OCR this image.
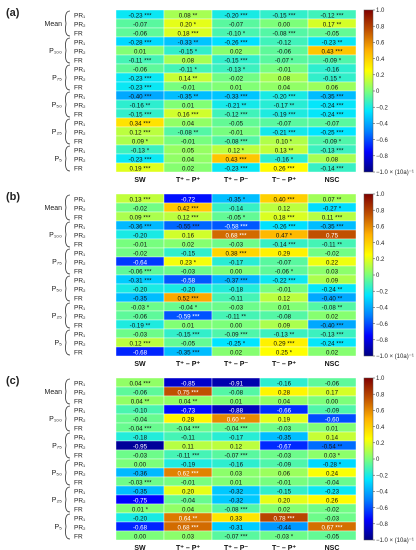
(a)	PR₁	-0.23 ***	0.08 **	-0.20 ***	-0.15 ***	-0.12 ***
PR₂	-0.07	0.20 *	-0.07	0.00	0.17 **
FR	-0.06	0.18 ***	-0.10 *	-0.08 ***	-0.05
Mean
PR₁	-0.28 ***	-0.33 **	-0.26 ***	-0.12	-0.23 **
PR₂	0.01	-0.15 *	0.02	-0.06	0.43 ***
FR	-0.11 ***	0.08	-0.15 ***	-0.07 *	-0.09 *
P₁₀₀
PR₁	-0.06	-0.11 *	-0.13 *	-0.01	-0.16
PR₂	-0.23 ***	0.14 **	-0.02	0.08	-0.15 *
FR	-0.23 ***	-0.01	0.01	0.04	0.06
P₇₅
PR₁	-0.40 ***	-0.35 **	-0.33 ***	-0.20 ***	-0.35 ***
PR₂	-0.16 **	0.01	-0.21 **	-0.17 **	-0.24 ***
FR	-0.15 ***	0.16 ***	-0.12 ***	-0.19 ***	-0.24 ***
P₅₀
PR₁	0.34 ***	0.04	-0.05	-0.07	-0.07
PR₂	0.12 ***	-0.08 **	-0.01	-0.21 ***	-0.25 ***
FR	0.09 *	-0.01	-0.08 ***	0.10 *	-0.09 *
P₂₅
PR₁	-0.13 *	0.05	0.12 *	0.13 **	-0.13 ***
PR₂	-0.23 ***	0.04	0.43 ***	-0.16 *	0.08
FR	0.19 ***	0.02	-0.23 ***	0.26 ***	-0.14 ***
P₅
SW	T⁺ – P⁺	T⁺ – P⁻	T⁻ – P⁺	NSC
1.0
0.8
0.6
0.4
0.2
0
−0.2
−0.4
−0.6
−0.8
−1.0 × (10a)⁻¹
(b)	PR₁	0.13 ***	-0.72	-0.35 *	0.40 ***	0.07 **
PR₂	-0.02	0.42 ***	-0.14	0.12	-0.27 *
FR	0.09 ***	0.12 ***	-0.05 *	0.18 ***	0.11 ***
Mean
PR₁	-0.36 ***	-0.55 ***	-0.58 ***	-0.26 ***	-0.35 ***
PR₂	-0.20	0.16	0.68 ***	0.47 *	0.75
FR	-0.01	0.02	-0.03	-0.14 ***	-0.11 **
P₁₀₀
PR₁	-0.02	-0.15	0.38 ***	0.29	-0.02
PR₂	-0.64	0.23 *	-0.17	-0.07	0.22
FR	-0.06 ***	-0.03	0.00	-0.06 *	0.03
P₇₅
PR₁	-0.31 ***	-0.58	-0.37 ***	-0.22 ***	0.09
PR₂	-0.20	-0.20	-0.18	-0.01	-0.24 **
FR	-0.35	0.52 ***	-0.11	0.12	-0.40 **
P₅₀
PR₁	-0.03 *	-0.04 *	-0.03	0.01	-0.08 **
PR₂	-0.06	-0.59 ***	-0.11 **	-0.08	0.02
FR	-0.19 **	0.01	0.00	0.09	-0.40 ***
P₂₅
PR₁	-0.03	-0.15 ***	-0.09 ***	-0.13 **	-0.13 ***
PR₂	0.12 ***	-0.05	-0.25 *	0.29 ***	-0.24 ***
FR	-0.68	-0.35 ***	0.02	0.25 *	0.02
P₅
SW	T⁺ – P⁺	T⁺ – P⁻	T⁻ – P⁺	NSC
1.0
0.8
0.6
0.4
0.2
0
−0.2
−0.4
−0.6
−0.8
−1.0 × (10a)⁻¹
(c)	PR₁	0.04 ***	-0.85	-0.91	-0.16	-0.06
PR₂	-0.06	0.75 ***	-0.08	0.28	0.17
FR	0.04 **	0.04 **	0.01	0.04	0.00
Mean
PR₁	-0.10	-0.73	-0.88	-0.66	-0.09
PR₂	-0.04	0.28	0.60 **	0.19	-0.60
FR	-0.04 ***	-0.04 ***	-0.04 ***	-0.03	0.01
P₁₀₀
PR₁	-0.18	-0.11	-0.17	-0.35	0.14
PR₂	-0.95	0.11	0.12	-0.67	-0.54 **
FR	-0.03	-0.11 ***	-0.07 ***	-0.03	0.03 *
P₇₅
PR₁	0.00	-0.19	-0.16	-0.09	-0.28 *
PR₂	-0.36	0.62 ***	0.03	0.06	0.24
FR	-0.03 ***	-0.01	0.01	-0.01	-0.04
P₅₀
PR₁	-0.35	0.20	-0.32	-0.15	-0.23
PR₂	-0.75	-0.04	-0.32	0.20	0.26
FR	0.01 *	0.04	-0.08 ***	0.02	-0.02
P₂₅
PR₁	-0.20	0.64 **	0.33	0.78 ***	-0.03
PR₂	-0.68	0.68 ***	-0.31	-0.44	0.67 ***
FR	0.00	0.03	-0.07 ***	-0.03 *	-0.05
P₅
SW	T⁺ – P⁺	T⁺ – P⁻	T⁻ – P⁺	NSC
1.0
0.8
0.6
0.4
0.2
0
−0.2
−0.4
−0.6
−0.8
−1.0 × (10a)⁻¹
